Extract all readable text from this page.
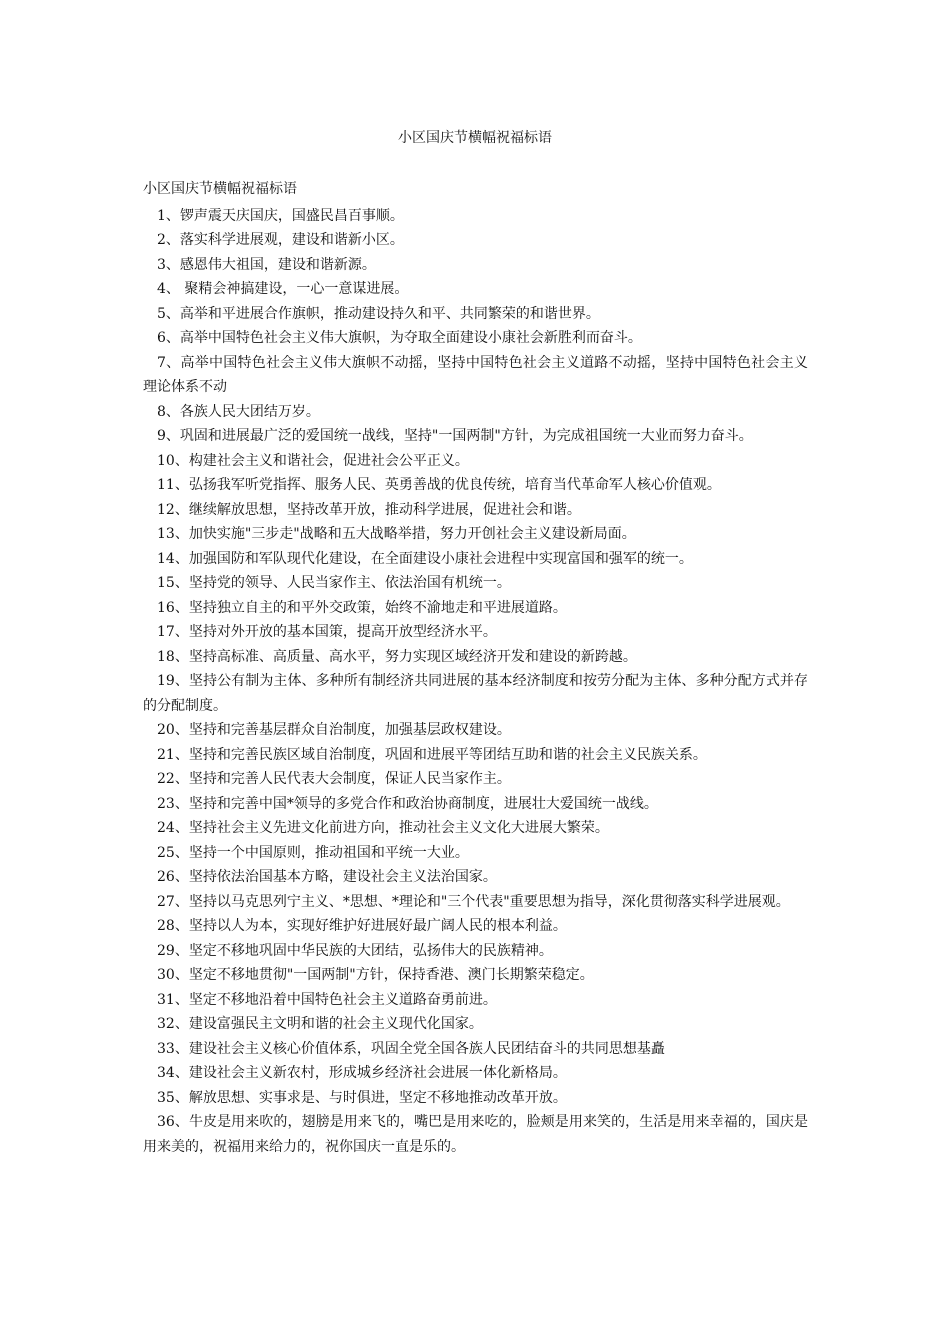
小区国庆节横幅祝福标语

小区国庆节横幅祝福标语

1、锣声震天庆国庆，国盛民昌百事顺。

2、落实科学进展观，建设和谐新小区。

3、感恩伟大祖国，建设和谐新源。

4、 聚精会神搞建设，一心一意谋进展。

5、高举和平进展合作旗帜，推动建设持久和平、共同繁荣的和谐世界。

6、高举中国特色社会主义伟大旗帜，为夺取全面建设小康社会新胜利而奋斗。

7、高举中国特色社会主义伟大旗帜不动摇，坚持中国特色社会主义道路不动摇，坚持中国特色社会主义理论体系不动

8、各族人民大团结万岁。

9、巩固和进展最广泛的爱国统一战线，坚持"一国两制"方针，为完成祖国统一大业而努力奋斗。

10、构建社会主义和谐社会，促进社会公平正义。

11、弘扬我军听党指挥、服务人民、英勇善战的优良传统，培育当代革命军人核心价值观。

12、继续解放思想，坚持改革开放，推动科学进展，促进社会和谐。

13、加快实施"三步走"战略和五大战略举措，努力开创社会主义建设新局面。

14、加强国防和军队现代化建设，在全面建设小康社会进程中实现富国和强军的统一。

15、坚持党的领导、人民当家作主、依法治国有机统一。

16、坚持独立自主的和平外交政策，始终不渝地走和平进展道路。

17、坚持对外开放的基本国策，提高开放型经济水平。

18、坚持高标准、高质量、高水平，努力实现区域经济开发和建设的新跨越。

19、坚持公有制为主体、多种所有制经济共同进展的基本经济制度和按劳分配为主体、多种分配方式并存的分配制度。

20、坚持和完善基层群众自治制度，加强基层政权建设。

21、坚持和完善民族区域自治制度，巩固和进展平等团结互助和谐的社会主义民族关系。

22、坚持和完善人民代表大会制度，保证人民当家作主。

23、坚持和完善中国*领导的多党合作和政治协商制度，进展壮大爱国统一战线。

24、坚持社会主义先进文化前进方向，推动社会主义文化大进展大繁荣。

25、坚持一个中国原则，推动祖国和平统一大业。

26、坚持依法治国基本方略，建设社会主义法治国家。

27、坚持以马克思列宁主义、*思想、*理论和"三个代表"重要思想为指导，深化贯彻落实科学进展观。

28、坚持以人为本，实现好维护好进展好最广阔人民的根本利益。

29、坚定不移地巩固中华民族的大团结，弘扬伟大的民族精神。

30、坚定不移地贯彻"一国两制"方针，保持香港、澳门长期繁荣稳定。

31、坚定不移地沿着中国特色社会主义道路奋勇前进。

32、建设富强民主文明和谐的社会主义现代化国家。

33、建设社会主义核心价值体系，巩固全党全国各族人民团结奋斗的共同思想基矗

34、建设社会主义新农村，形成城乡经济社会进展一体化新格局。

35、解放思想、实事求是、与时俱进，坚定不移地推动改革开放。

36、牛皮是用来吹的，翅膀是用来飞的，嘴巴是用来吃的，脸颊是用来笑的，生活是用来幸福的，国庆是用来美的，祝福用来给力的，祝你国庆一直是乐的。
